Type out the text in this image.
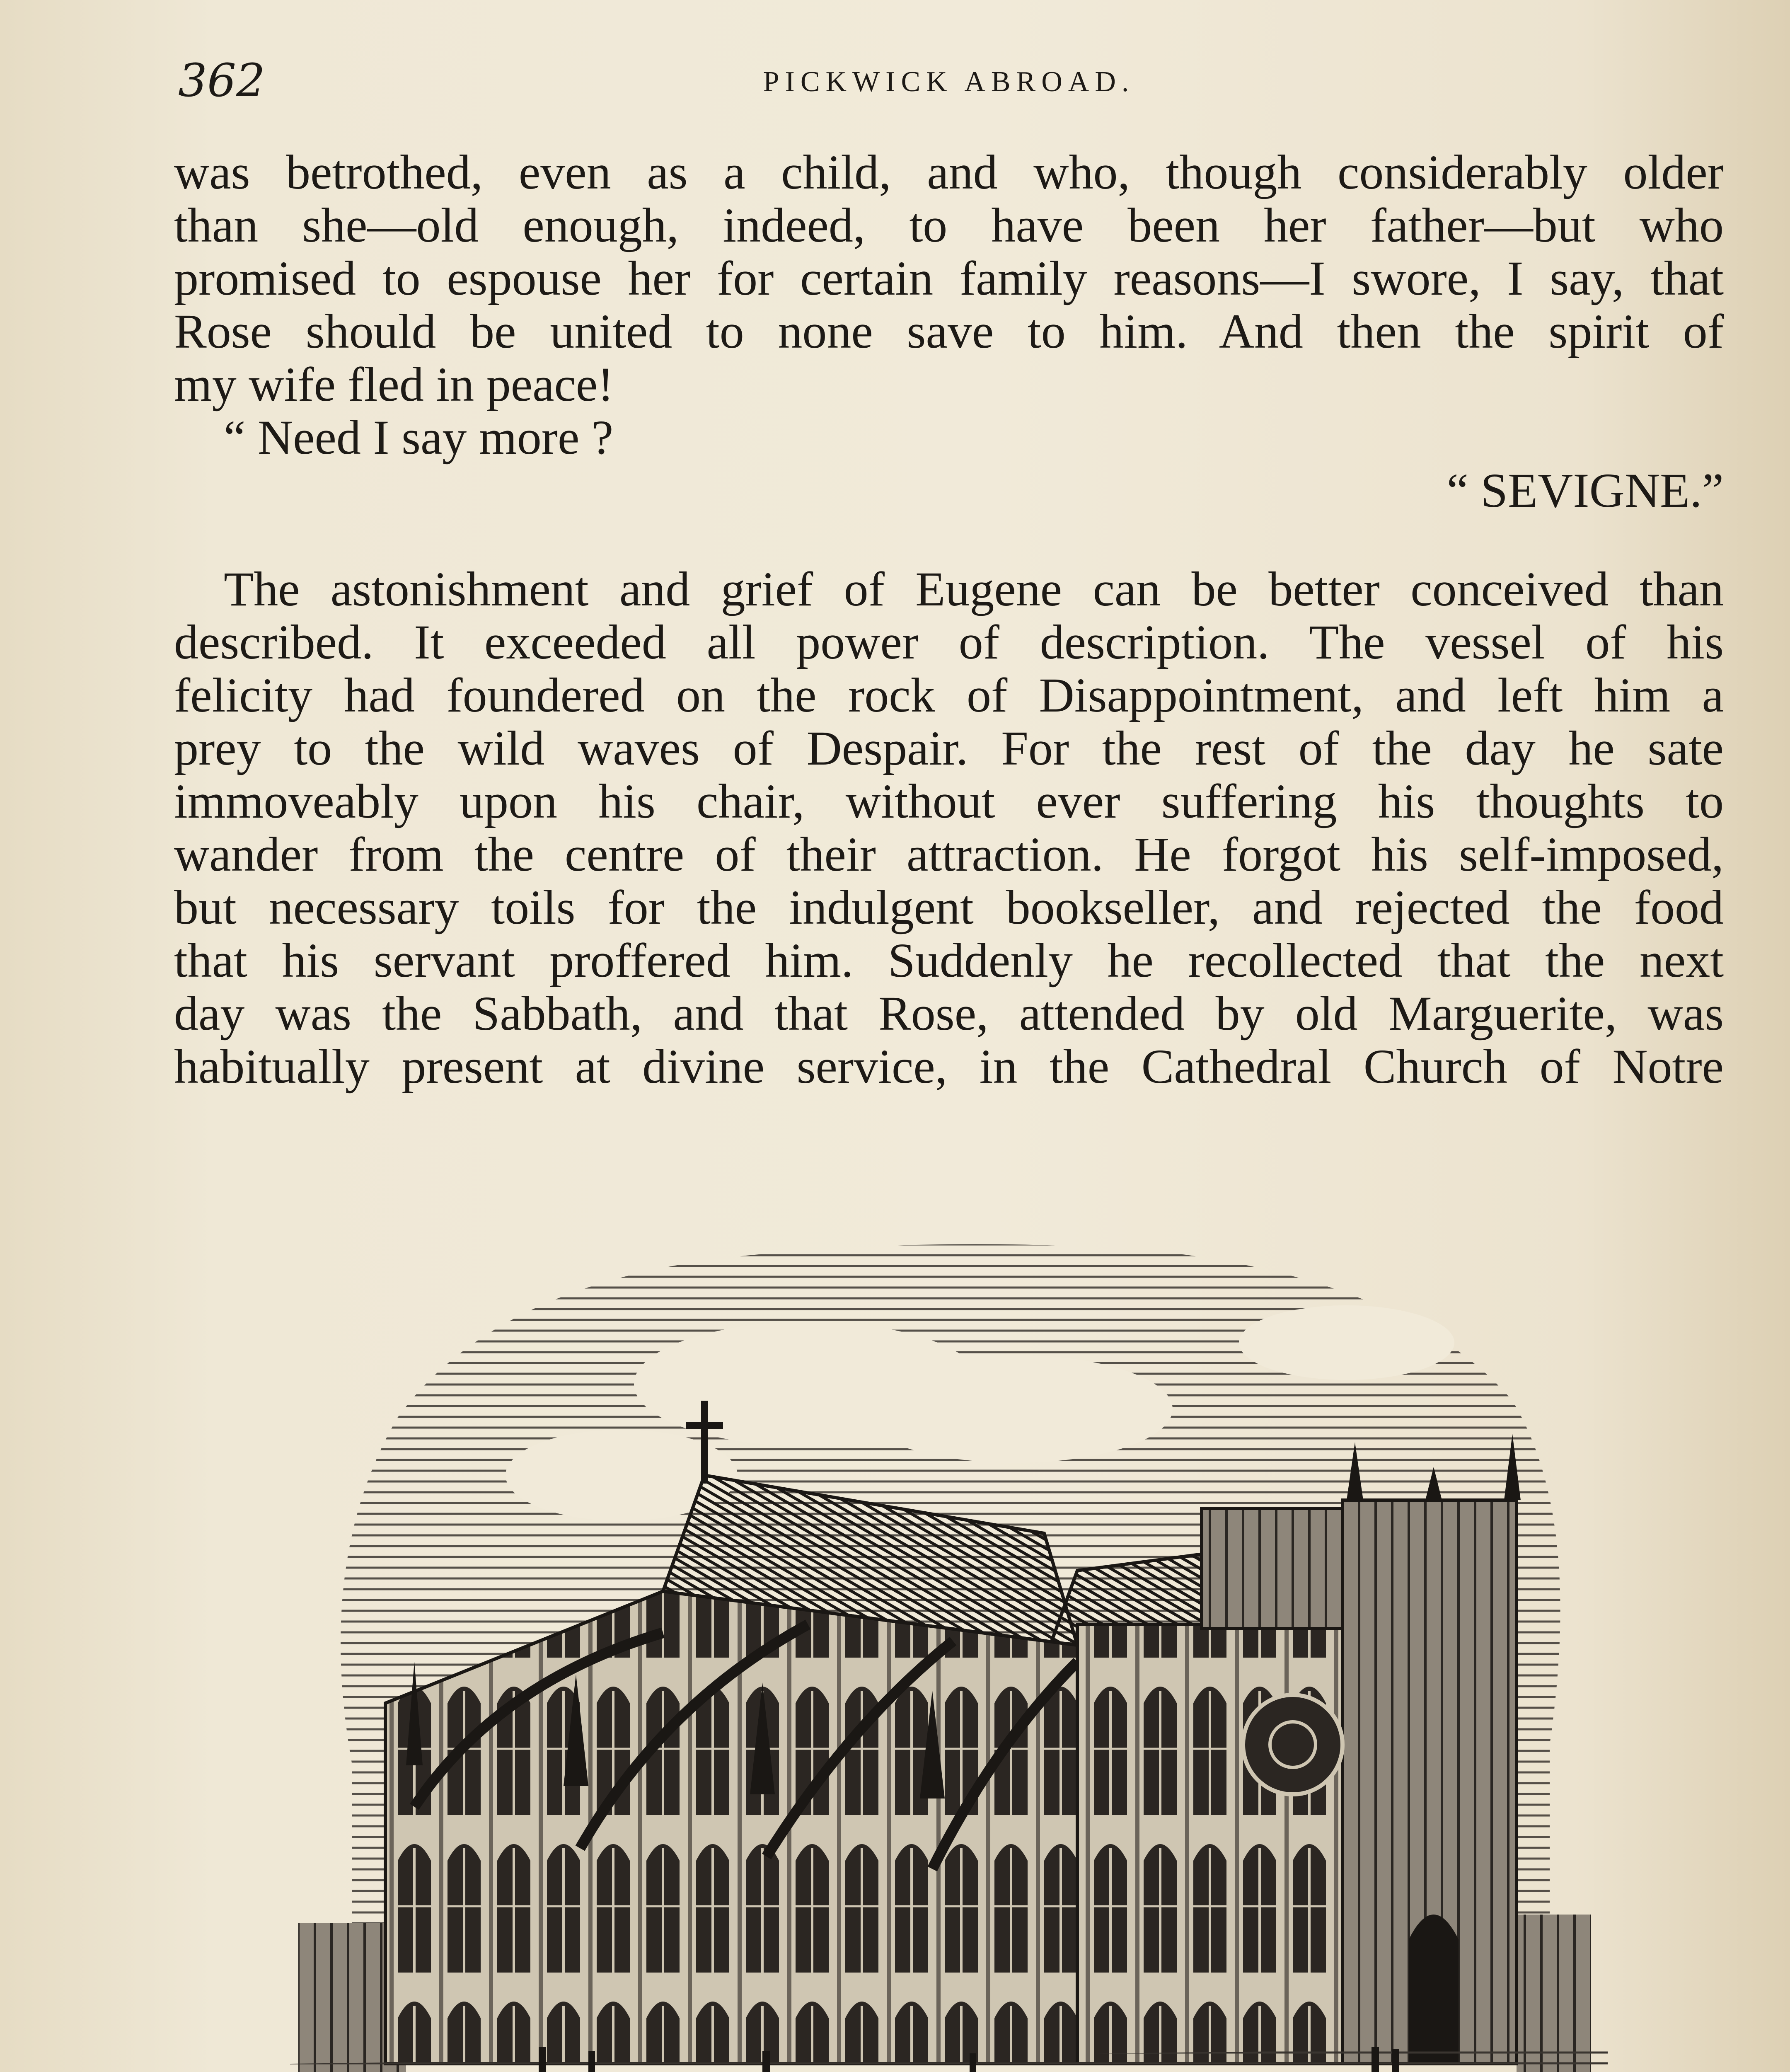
362	PICKWICK ABROAD.
was betrothed, even as a child, and who, though considerably older
than she—old enough, indeed, to have been her father—but who
promised to espouse her for certain family reasons—I swore, I say, that
Rose should be united to none save to him. And then the spirit of
my wife fled in peace!
“ Need I say more ?
“ SEVIGNE.”
The astonishment and grief of Eugene can be better conceived than
described. It exceeded all power of description. The vessel of his
felicity had foundered on the rock of Disappointment, and left him a
prey to the wild waves of Despair. For the rest of the day he sate
immoveably upon his chair, without ever suffering his thoughts to
wander from the centre of their attraction. He forgot his self-imposed,
but necessary toils for the indulgent bookseller, and rejected the food
that his servant proffered him. Suddenly he recollected that the next
day was the Sabbath, and that Rose, attended by old Marguerite, was
habitually present at divine service, in the Cathedral Church of Notre
